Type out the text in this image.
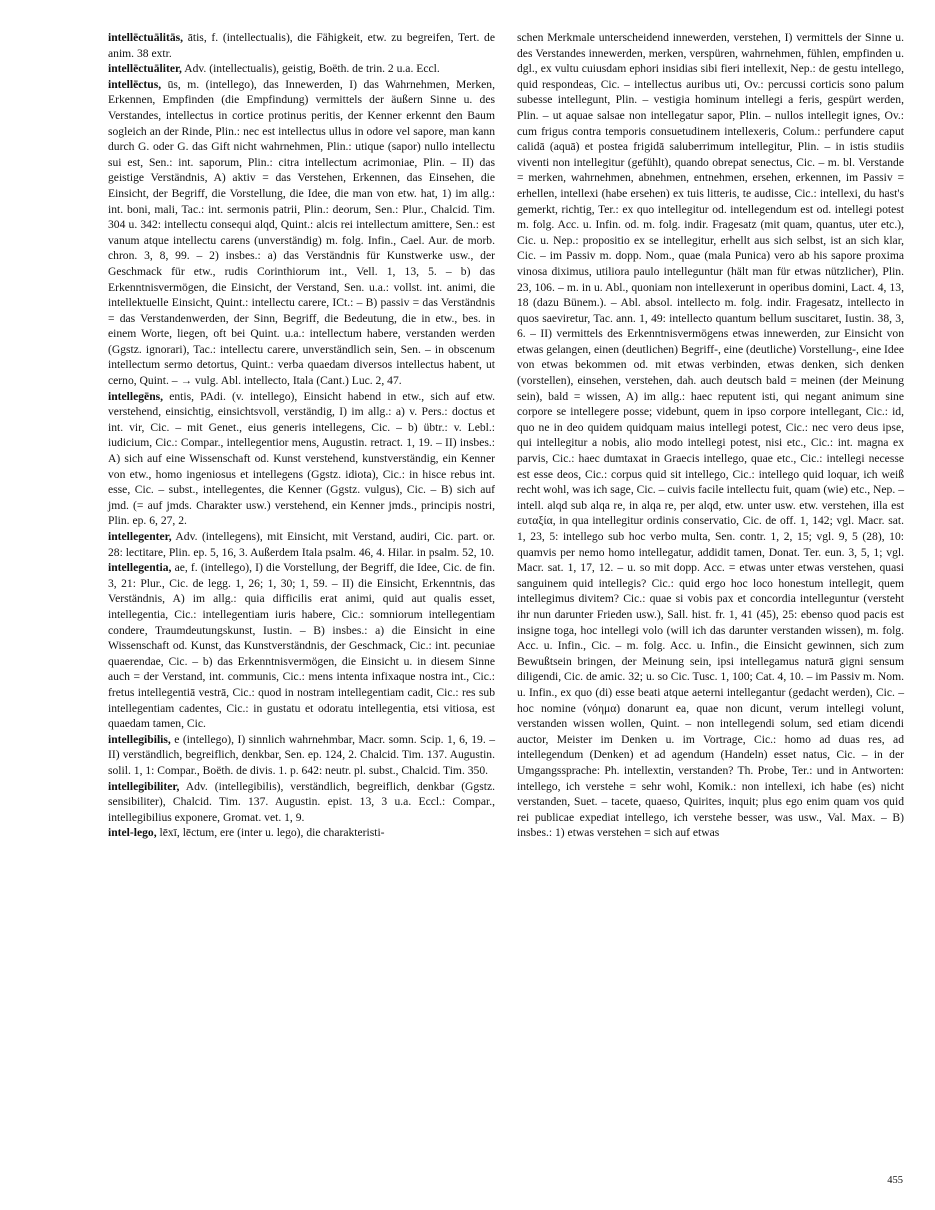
intellēctuālitās, ātis, f. (intellectualis), die Fähigkeit, etw. zu begreifen, Tert. de anim. 38 extr.

intellēctuāliter, Adv. (intellectualis), geistig, Boëth. de trin. 2 u.a. Eccl.

intellēctus, ūs, m. (intellego), das Innewerden, I) das Wahrnehmen, Merken, Erkennen, Empfinden (die Empfindung) vermittels der äußern Sinne u. des Verstandes, intellectus in cortice protinus peritis, der Kenner erkennt den Baum sogleich an der Rinde, Plin.: nec est intellectus ullus in odore vel sapore, man kann durch G. oder G. das Gift nicht wahrnehmen, Plin.: utique (sapor) nullo intellectu sui est, Sen.: int. saporum, Plin.: citra intellectum acrimoniae, Plin. – II) das geistige Verständnis, A) aktiv = das Verstehen, Erkennen, das Einsehen, die Einsicht, der Begriff, die Vorstellung, die Idee, die man von etw. hat, 1) im allg.: int. boni, mali, Tac.: int. sermonis patrii, Plin.: deorum, Sen.: Plur., Chalcid. Tim. 304 u. 342: intellectu consequi alqd, Quint.: alcis rei intellectum amittere, Sen.: est vanum atque intellectu carens (unverständig) m. folg. Infin., Cael. Aur. de morb. chron. 3, 8, 99. – 2) insbes.: a) das Verständnis für Kunstwerke usw., der Geschmack für etw., rudis Corinthiorum int., Vell. 1, 13, 5. – b) das Erkenntnisvermögen, die Einsicht, der Verstand, Sen. u.a.: vollst. int. animi, die intellektuelle Einsicht, Quint.: intellectu carere, ICt.: – B) passiv = das Verständnis = das Verstandenwerden, der Sinn, Begriff, die Bedeutung, die in etw., bes. in einem Worte, liegen, oft bei Quint. u.a.: intellectum habere, verstanden werden (Ggstz. ignorari), Tac.: intellectu carere, unverständlich sein, Sen. – in obscenum intellectum sermo detortus, Quint.: verba quaedam diversos intellectus habent, ut cerno, Quint. – → vulg. Abl. intellecto, Itala (Cant.) Luc. 2, 47.

intellegēns, entis, PAdi. (v. intellego), Einsicht habend in etw., sich auf etw. verstehend, einsichtig, einsichtsvoll, verständig, I) im allg.: a) v. Pers.: doctus et int. vir, Cic. – mit Genet., eius generis intellegens, Cic. – b) übtr.: v. Lebl.: iudicium, Cic.: Compar., intellegentior mens, Augustin. retract. 1, 19. – II) insbes.: A) sich auf eine Wissenschaft od. Kunst verstehend, kunstverständig, ein Kenner von etw., homo ingeniosus et intellegens (Ggstz. idiota), Cic.: in hisce rebus int. esse, Cic. – subst., intellegentes, die Kenner (Ggstz. vulgus), Cic. – B) sich auf jmd. (= auf jmds. Charakter usw.) verstehend, ein Kenner jmds., principis nostri, Plin. ep. 6, 27, 2.

intellegenter, Adv. (intellegens), mit Einsicht, mit Verstand, audiri, Cic. part. or. 28: lectitare, Plin. ep. 5, 16, 3. Außerdem Itala psalm. 46, 4. Hilar. in psalm. 52, 10.

intellegentia, ae, f. (intellego), I) die Vorstellung, der Begriff, die Idee, Cic. de fin. 3, 21: Plur., Cic. de legg. 1, 26; 1, 30; 1, 59. – II) die Einsicht, Erkenntnis, das Verständnis, A) im allg.: quia difficilis erat animi, quid aut qualis esset, intellegentia, Cic.: intellegentiam iuris habere, Cic.: somniorum intellegentiam condere, Traumdeutungskunst, Iustin. – B) insbes.: a) die Einsicht in eine Wissenschaft od. Kunst, das Kunstverständnis, der Geschmack, Cic.: int. pecuniae quaerendae, Cic. – b) das Erkenntnisvermögen, die Einsicht u. in diesem Sinne auch = der Verstand, int. communis, Cic.: mens intenta infixaque nostra int., Cic.: fretus intellegentiā vestrā, Cic.: quod in nostram intellegentiam cadit, Cic.: res sub intellegentiam cadentes, Cic.: in gustatu et odoratu intellegentia, etsi vitiosa, est quaedam tamen, Cic.

intellegibilis, e (intellego), I) sinnlich wahrnehmbar, Macr. somn. Scip. 1, 6, 19. – II) verständlich, begreiflich, denkbar, Sen. ep. 124, 2. Chalcid. Tim. 137. Augustin. solil. 1, 1: Compar., Boëth. de divis. 1. p. 642: neutr. pl. subst., Chalcid. Tim. 350.

intellegibiliter, Adv. (intellegibilis), verständlich, begreiflich, denkbar (Ggstz. sensibiliter), Chalcid. Tim. 137. Augustin. epist. 13, 3 u.a. Eccl.: Compar., intellegibilius exponere, Gromat. vet. 1, 9.

intel-lego, lēxī, lēctum, ere (inter u. lego), die charakteristi-

schen Merkmale unterscheidend innewerden, verstehen, I) vermittels der Sinne u. des Verstandes innewerden, merken, verspüren, wahrnehmen, fühlen, empfinden u. dgl., ex vultu cuiusdam ephori insidias sibi fieri intellexit, Nep.: de gestu intellego, quid respondeas, Cic. – intellectus auribus uti, Ov.: percussi corticis sono palum subesse intellegunt, Plin. – vestigia hominum intellegi a feris, gespürt werden, Plin. – ut aquae salsae non intellegatur sapor, Plin. – nullos intellegit ignes, Ov.: cum frigus contra temporis consuetudinem intellexeris, Colum.: perfundere caput calidā (aquā) et postea frigidā saluberrimum intellegitur, Plin. – in istis studiis viventi non intellegitur (gefühlt), quando obrepat senectus, Cic. – m. bl. Verstande = merken, wahrnehmen, abnehmen, entnehmen, ersehen, erkennen, im Passiv = erhellen, intellexi (habe ersehen) ex tuis litteris, te audisse, Cic.: intellexi, du hast's gemerkt, richtig, Ter.: ex quo intellegitur od. intellegendum est od. intellegi potest m. folg. Acc. u. Infin. od. m. folg. indir. Fragesatz (mit quam, quantus, uter etc.), Cic. u. Nep.: propositio ex se intellegitur, erhellt aus sich selbst, ist an sich klar, Cic. – im Passiv m. dopp. Nom., quae (mala Punica) vero ab his sapore proxima vinosa diximus, utiliora paulo intelleguntur (hält man für etwas nützlicher), Plin. 23, 106. – m. in u. Abl., quoniam non intellexerunt in operibus domini, Lact. 4, 13, 18 (dazu Bünem.). – Abl. absol. intellecto m. folg. indir. Fragesatz, intellecto in quos saeviretur, Tac. ann. 1, 49: intellecto quantum bellum suscitaret, Iustin. 38, 3, 6. – II) vermittels des Erkenntnisvermögens etwas innewerden, zur Einsicht von etwas gelangen, einen (deutlichen) Begriff-, eine (deutliche) Vorstellung-, eine Idee von etwas bekommen od. mit etwas verbinden, etwas denken, sich denken (vorstellen), einsehen, verstehen, dah. auch deutsch bald = meinen (der Meinung sein), bald = wissen, A) im allg.: haec reputent isti, qui negant animum sine corpore se intellegere posse; videbunt, quem in ipso corpore intellegant, Cic.: id, quo ne in deo quidem quidquam maius intellegi potest, Cic.: nec vero deus ipse, qui intellegitur a nobis, alio modo intellegi potest, nisi etc., Cic.: int. magna ex parvis, Cic.: haec dumtaxat in Graecis intellego, quae etc., Cic.: intellegi necesse est esse deos, Cic.: corpus quid sit intellego, Cic.: intellego quid loquar, ich weiß recht wohl, was ich sage, Cic. – cuivis facile intellectu fuit, quam (wie) etc., Nep. – intell. alqd sub alqa re, in alqa re, per alqd, etw. unter usw. etw. verstehen, illa est ευταξία, in qua intellegitur ordinis conservatio, Cic. de off. 1, 142; vgl. Macr. sat. 1, 23, 5: intellego sub hoc verbo multa, Sen. contr. 1, 2, 15; vgl. 9, 5 (28), 10: quamvis per nemo homo intellegatur, addidit tamen, Donat. Ter. eun. 3, 5, 1; vgl. Macr. sat. 1, 17, 12. – u. so mit dopp. Acc. = etwas unter etwas verstehen, quasi sanguinem quid intellegis? Cic.: quid ergo hoc loco honestum intellegit, quem intellegimus divitem? Cic.: quae si vobis pax et concordia intelleguntur (versteht ihr nun darunter Frieden usw.), Sall. hist. fr. 1, 41 (45), 25: ebenso quod pacis est insigne toga, hoc intellegi volo (will ich das darunter verstanden wissen), m. folg. Acc. u. Infin., Cic. – m. folg. Acc. u. Infin., die Einsicht gewinnen, sich zum Bewußtsein bringen, der Meinung sein, ipsi intellegamus naturā gigni sensum diligendi, Cic. de amic. 32; u. so Cic. Tusc. 1, 100; Cat. 4, 10. – im Passiv m. Nom. u. Infin., ex quo (di) esse beati atque aeterni intellegantur (gedacht werden), Cic. – hoc nomine (νόημα) donarunt ea, quae non dicunt, verum intellegi volunt, verstanden wissen wollen, Quint. – non intellegendi solum, sed etiam dicendi auctor, Meister im Denken u. im Vortrage, Cic.: homo ad duas res, ad intellegendum (Denken) et ad agendum (Handeln) esset natus, Cic. – in der Umgangssprache: Ph. intellextin, verstanden? Th. Probe, Ter.: und in Antworten: intellego, ich verstehe = sehr wohl, Komik.: non intellexi, ich habe (es) nicht verstanden, Suet. – tacete, quaeso, Quirites, inquit; plus ego enim quam vos quid rei publicae expediat intellego, ich verstehe besser, was usw., Val. Max. – B) insbes.: 1) etwas verstehen = sich auf etwas

455
